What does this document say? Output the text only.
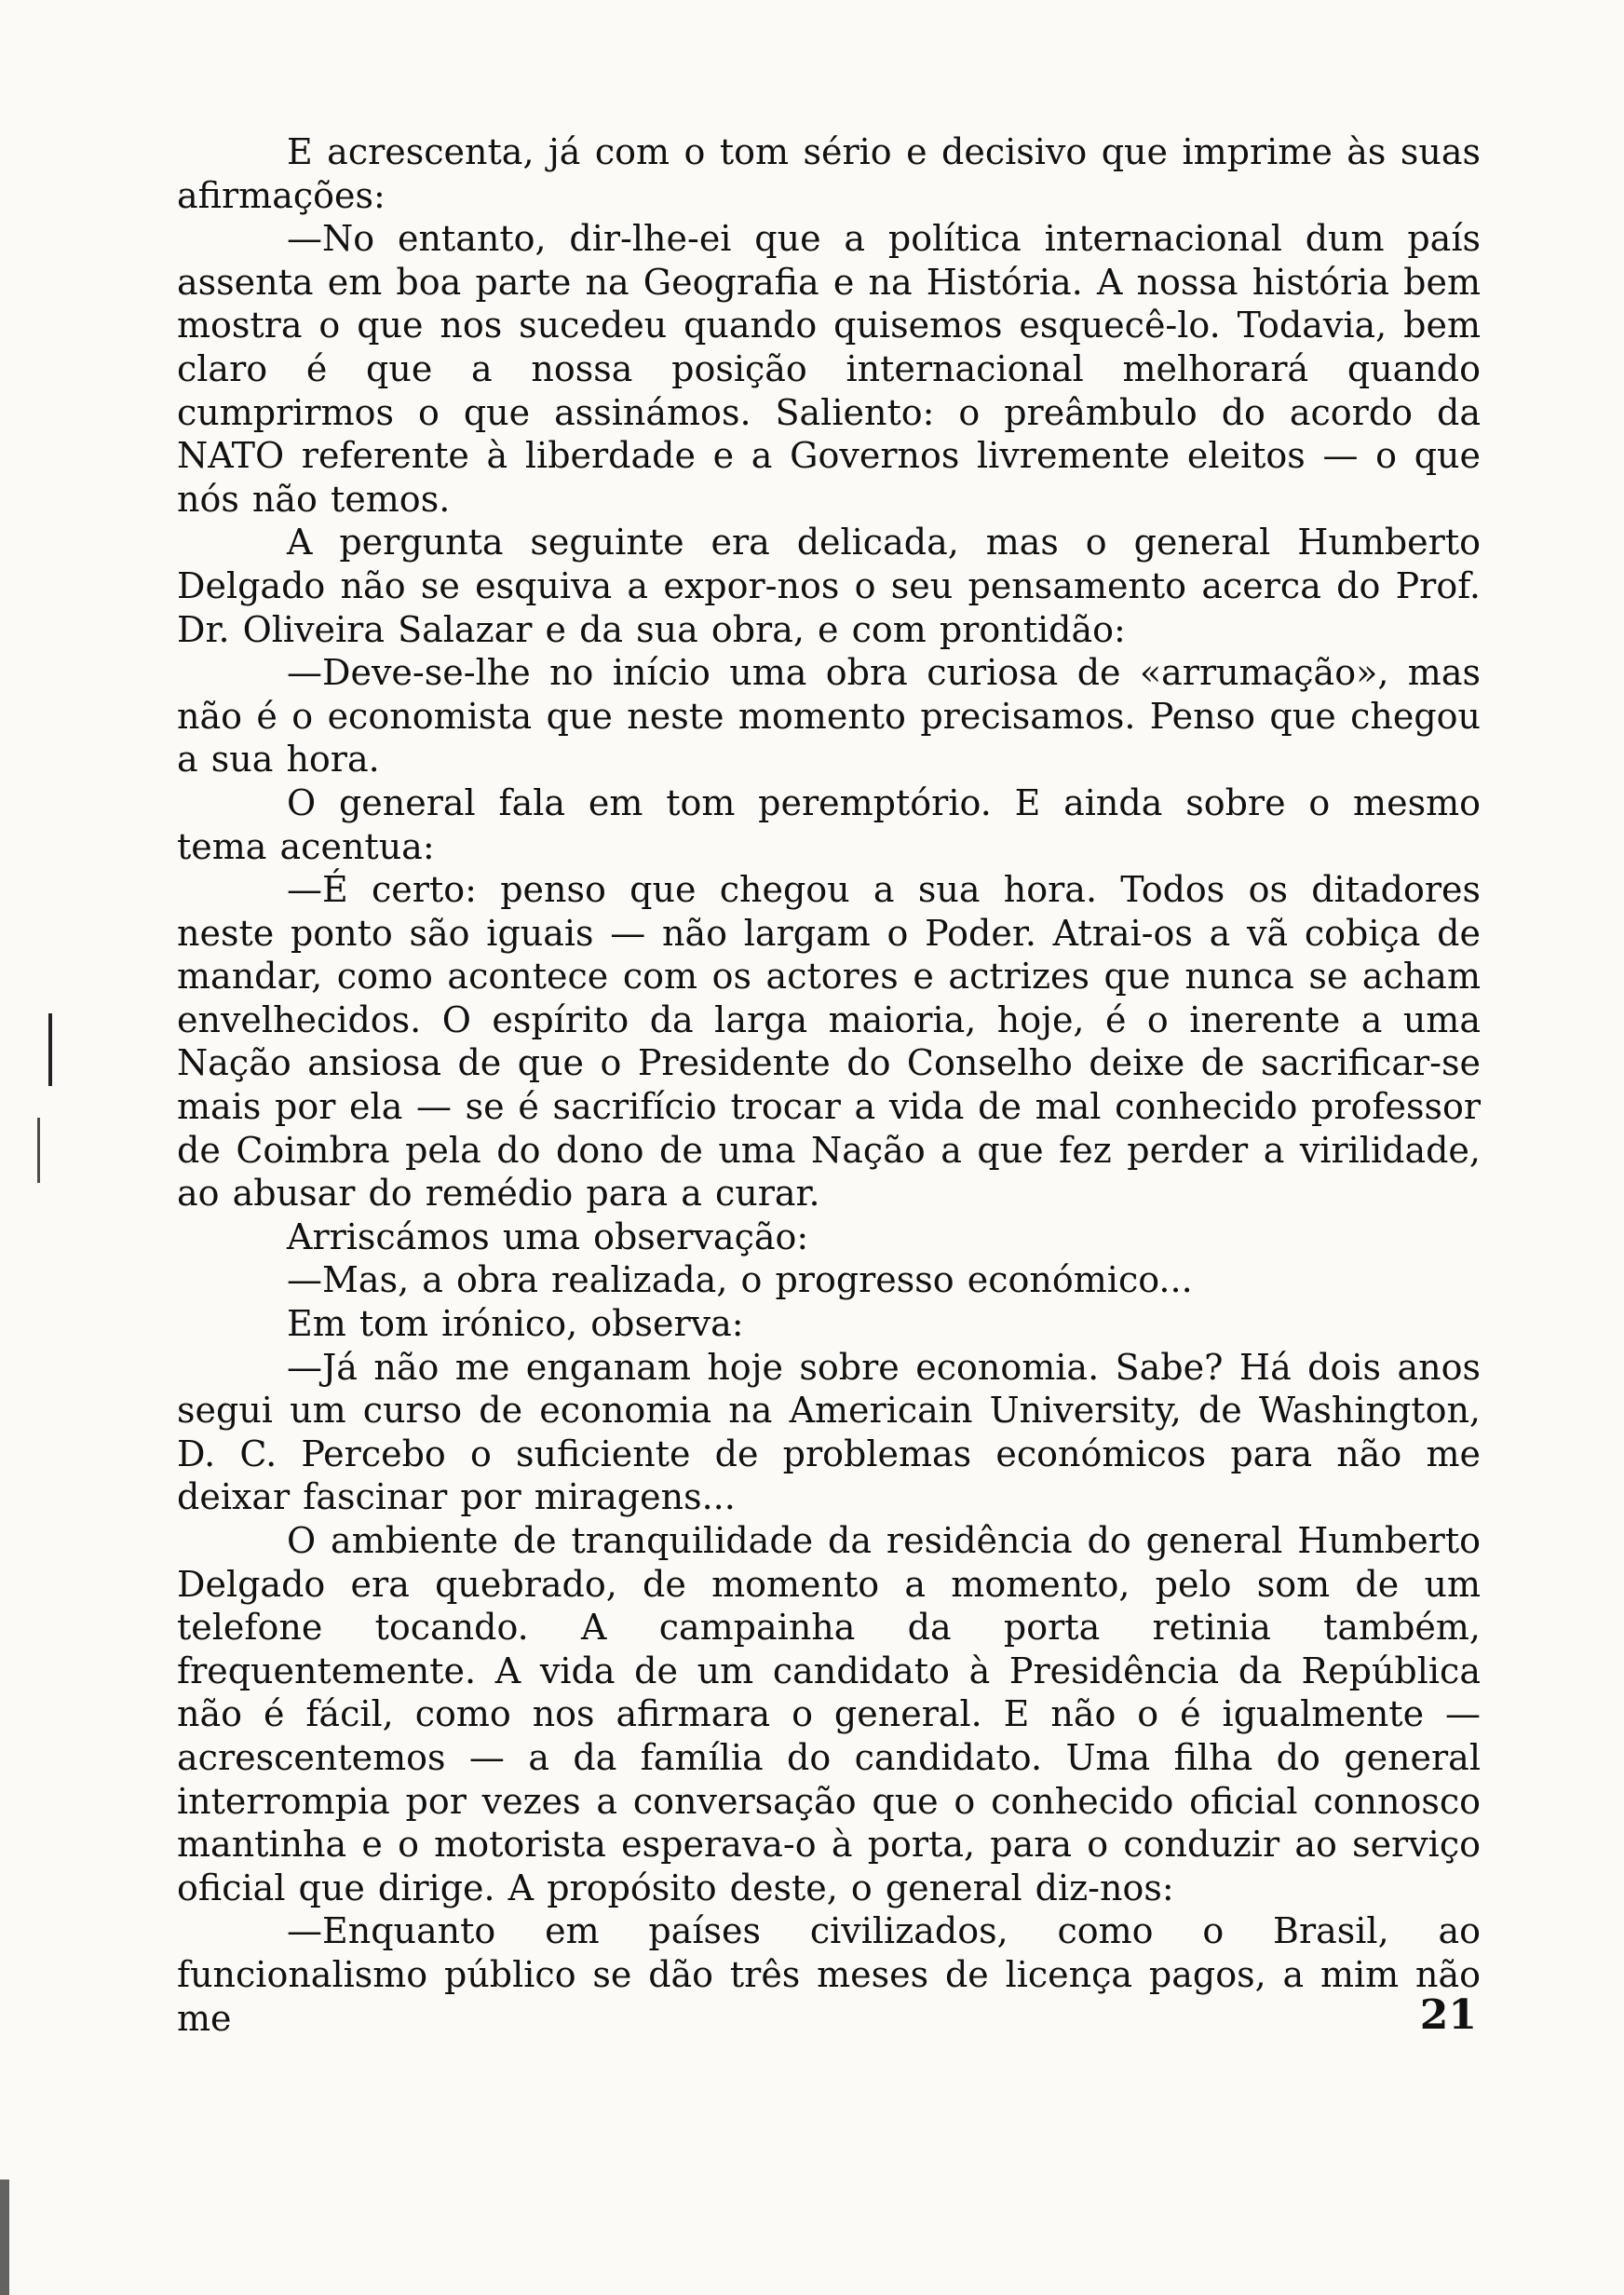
E acrescenta, já com o tom sério e decisivo que imprime às suas afirmações:

—No entanto, dir-lhe-ei que a política internacional dum país assenta em boa parte na Geografia e na História. A nossa história bem mostra o que nos sucedeu quando quisemos esquecê-lo. Todavia, bem claro é que a nossa posição internacional melhorará quando cumprirmos o que assinámos. Saliento: o preâmbulo do acordo da NATO referente à liberdade e a Governos livremente eleitos — o que nós não temos.

A pergunta seguinte era delicada, mas o general Humberto Delgado não se esquiva a expor-nos o seu pensamento acerca do Prof. Dr. Oliveira Salazar e da sua obra, e com prontidão:

—Deve-se-lhe no início uma obra curiosa de «arrumação», mas não é o economista que neste momento precisamos. Penso que chegou a sua hora.

O general fala em tom peremptório. E ainda sobre o mesmo tema acentua:

—É certo: penso que chegou a sua hora. Todos os ditadores neste ponto são iguais — não largam o Poder. Atrai-os a vã cobiça de mandar, como acontece com os actores e actrizes que nunca se acham envelhecidos. O espírito da larga maioria, hoje, é o inerente a uma Nação ansiosa de que o Presidente do Conselho deixe de sacrificar-se mais por ela — se é sacrifício trocar a vida de mal conhecido professor de Coimbra pela do dono de uma Nação a que fez perder a virilidade, ao abusar do remédio para a curar.

Arriscámos uma observação:

—Mas, a obra realizada, o progresso económico...

Em tom irónico, observa:

—Já não me enganam hoje sobre economia. Sabe? Há dois anos segui um curso de economia na Americain University, de Washington, D. C. Percebo o suficiente de problemas económicos para não me deixar fascinar por miragens...

O ambiente de tranquilidade da residência do general Humberto Delgado era quebrado, de momento a momento, pelo som de um telefone tocando. A campainha da porta retinia também, frequentemente. A vida de um candidato à Presidência da República não é fácil, como nos afirmara o general. E não o é igualmente — acrescentemos — a da família do candidato. Uma filha do general interrompia por vezes a conversação que o conhecido oficial connosco mantinha e o motorista esperava-o à porta, para o conduzir ao serviço oficial que dirige. A propósito deste, o general diz-nos:

—Enquanto em países civilizados, como o Brasil, ao funcionalismo público se dão três meses de licença pagos, a mim não me	21
